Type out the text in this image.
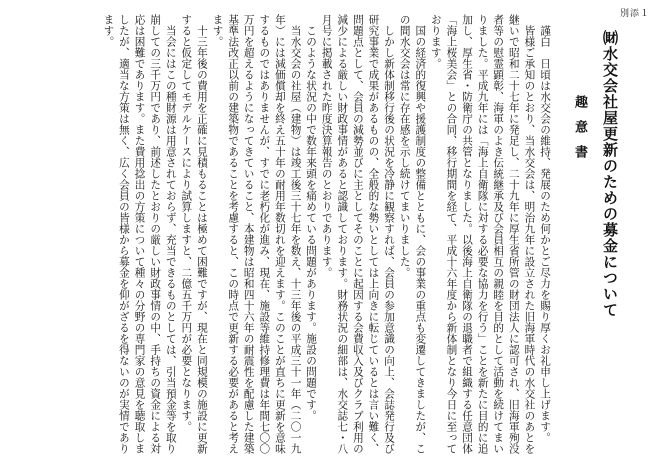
別添１
㈶水交会社屋更新のための募金について
趣意書

謹白　日頃は水交会の維持、発展のため何かとご尽力を賜り厚くお礼申し上げます。

皆様ご承知のとおり、当水交会は、明治九年に設立された旧海軍時代の水交社のあとを継いで昭和二十七年に発足し、二十九年に厚生省所管の財団法人に認可され、旧海軍殉没者等の慰霊顕彰、海軍のよき伝統継承及び会員相互の親睦を目的として活動を続けてまいりました。平成九年には「海上自衛隊に対する必要な協力を行う」ことを新たに目的に追加し、厚生省・防衛庁の共管となりました。以後海上自衛隊の退職者で組織する任意団体「海上桜美会」との合同、移行期間を経て、平成十六年度から新体制となり今日に至っております。

国の経済的復興や援護制度の整備とともに、会の事業の重点も変遷してきましたが、この間水交会は常に存在感を示し続けてまいりました。

しかし新体制移行後の状況を冷静に観察すれば、会員の参加意識の向上、会誌発行及び研究事業で成果があるものの、全般的な勢いとしては上向きに転じているとは言い難く、問題点として、会員の減勢並びに主としてそのことに起因する会費収入及びクラブ利用の減少による厳しい財政事情があると認識しております。財務状況の細部は、水交誌七・八月号に掲載された昨度決算報告のとおりであります。

このような状況の中で数年来頭を痛めている問題があります。施設の問題です。

当水交会の社屋（建物）は竣工後三十七年を数え、十三年後の平成三十一年（二〇一九年）には減価償却を終え五十年の耐用年数切れを迎えます。このことが直ちに更新を意味するものではありませんが、すでに老朽化が進み、現在、施設等維持修理費は年間七〇〇万円を超えるようになってきていること、本建物は昭和四十六年の耐震性を配慮した建築基準法改正以前の建築物であることを考慮すると、この時点で更新する必要があると考えます。

十三年後の費用を正確に見積もることは極めて困難ですが、現在と同規模の施設に更新すると仮定してモデルケースにより試算しますと、二億五千万円が必要となります。

当会にはこの種財源は用意されておらず、充当できるものとしては、引当預金等を取り崩しての三千万円であり、前述したとおりの厳しい財政事情の中、手持ちの資金による対応は困難であります。また費用捻出の方策について種々の分野の専門家の意見を聴取しましたが、適当な方策は無く、広く会員の皆様から募金を仰がざるを得ないのが実情であります。
